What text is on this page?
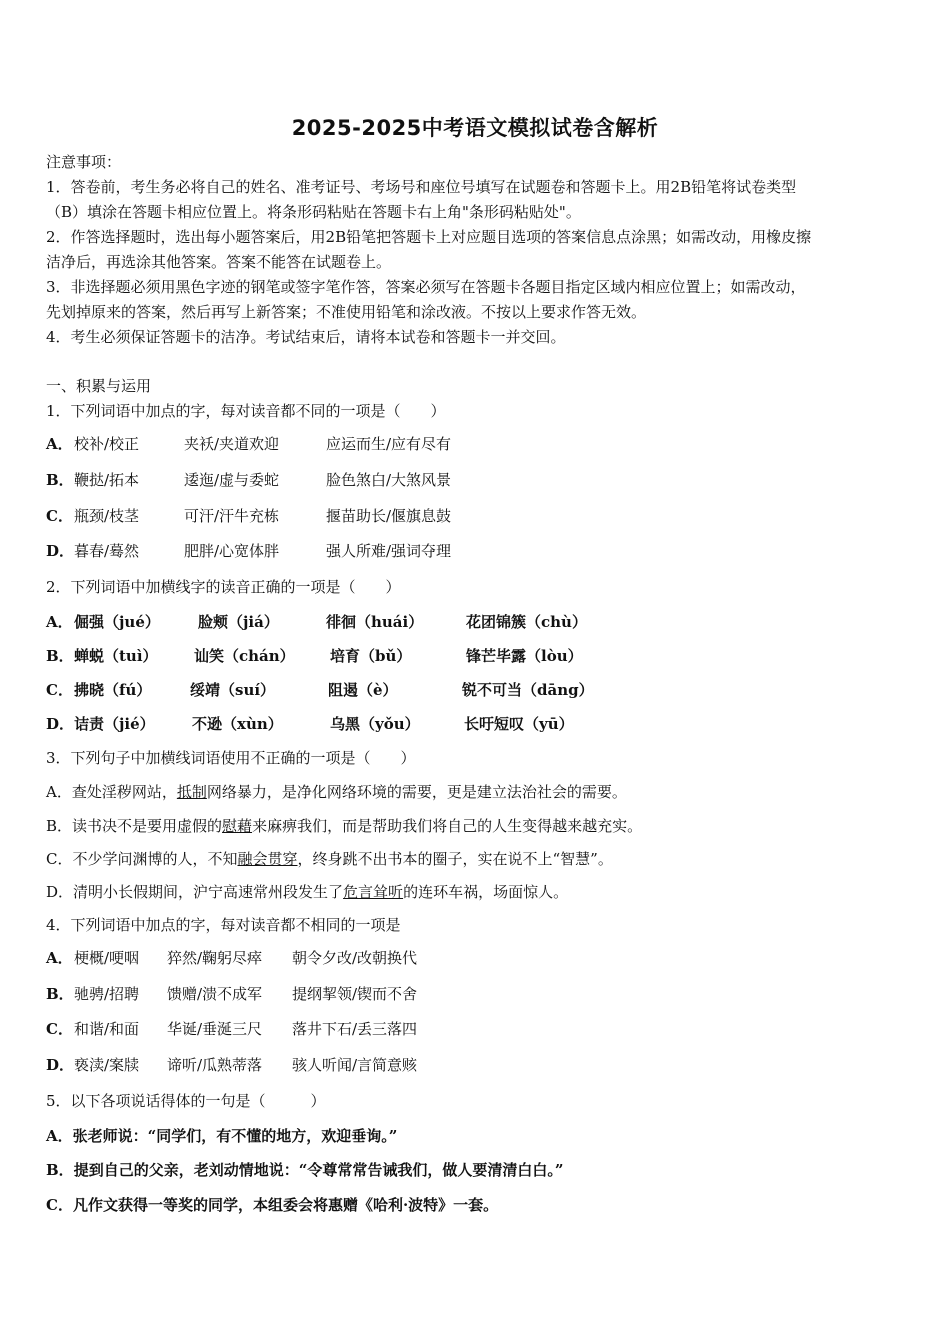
2025-2025中考语文模拟试卷含解析
注意事项：
1．答卷前，考生务必将自己的姓名、准考证号、考场号和座位号填写在试题卷和答题卡上。用2B铅笔将试卷类型
（B）填涂在答题卡相应位置上。将条形码粘贴在答题卡右上角"条形码粘贴处"。
2．作答选择题时，选出每小题答案后，用2B铅笔把答题卡上对应题目选项的答案信息点涂黑；如需改动，用橡皮擦
洁净后，再选涂其他答案。答案不能答在试题卷上。
3．非选择题必须用黑色字迹的钢笔或签字笔作答，答案必须写在答题卡各题目指定区域内相应位置上；如需改动，
先划掉原来的答案，然后再写上新答案；不准使用铅笔和涂改液。不按以上要求作答无效。
4．考生必须保证答题卡的洁净。考试结束后，请将本试卷和答题卡一并交回。
一、积累与运用
1．下列词语中加点的字，每对读音都不同的一项是（　　）
A． 校补/校正	夹袄/夹道欢迎	应运而生/应有尽有
B． 鞭挞/拓本	逶迤/虚与委蛇	脸色煞白/大煞风景
C． 瓶颈/枝茎	可汗/汗牛充栋	揠苗助长/偃旗息鼓
D． 暮春/蓦然	肥胖/心宽体胖	强人所难/强词夺理
2．下列词语中加横线字的读音正确的一项是（　　）
A． 倔强（jué）	脸颊（jiá）	徘徊（huái）	花团锦簇（chù）
B． 蝉蜕（tuì） 讪笑（chán） 培育（bǔ）	锋芒毕露（lòu）
C． 拂晓（fú）	绥靖（suí）	阻遏（è）	锐不可当（dāng）
D． 诘责（jié） 不逊（xùn）	乌黑（yǒu）	长吁短叹（yū）
3．下列句子中加横线词语使用不正确的一项是（　　）
A．查处淫秽网站，抵制网络暴力，是净化网络环境的需要，更是建立法治社会的需要。
B．读书决不是要用虚假的慰藉来麻痹我们，而是帮助我们将自己的人生变得越来越充实。
C．不少学问渊博的人，不知融会贯穿，终身跳不出书本的圈子，实在说不上“智慧”。
D．清明小长假期间，沪宁高速常州段发生了危言耸听的连环车祸，场面惊人。
4．下列词语中加点的字，每对读音都不相同的一项是
A． 梗概/哽咽 猝然/鞠躬尽瘁 朝令夕改/改朝换代
B． 驰骋/招聘 馈赠/溃不成军 提纲挈领/锲而不舍
C． 和谐/和面 华诞/垂涎三尺 落井下石/丢三落四
D． 亵渎/案牍 谛听/瓜熟蒂落 骇人听闻/言简意赅
5．以下各项说话得体的一句是（　　　）
A．张老师说：“同学们，有不懂的地方，欢迎垂询。”
B．提到自己的父亲，老刘动情地说：“令尊常常告诫我们，做人要清清白白。”
C．凡作文获得一等奖的同学，本组委会将惠赠《哈利·波特》一套。
